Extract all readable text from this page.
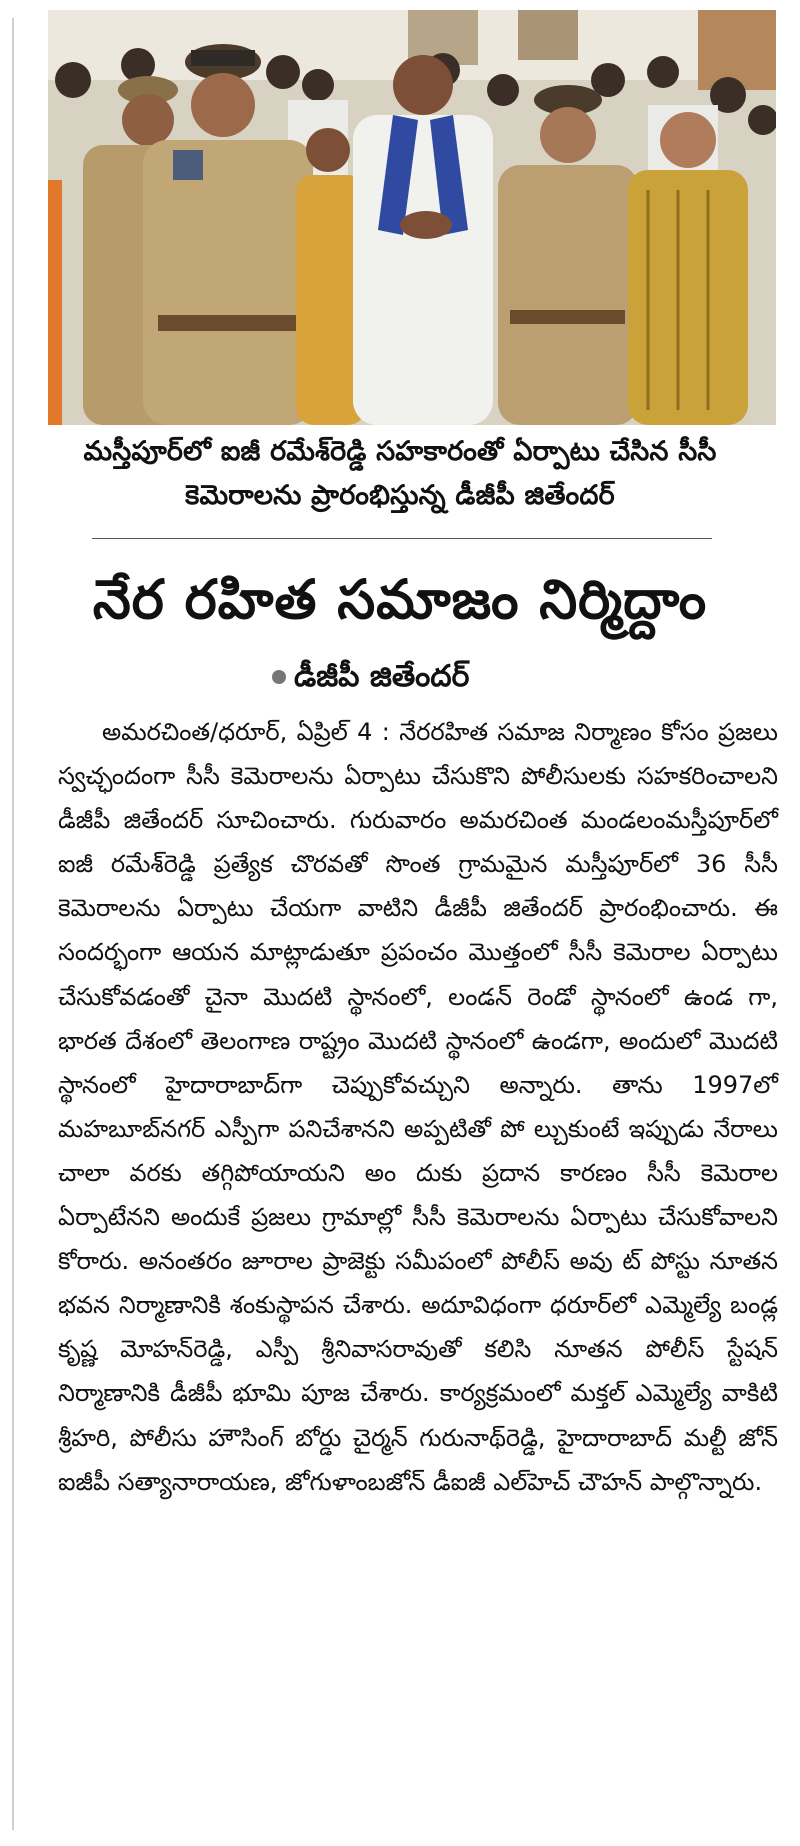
మస్తీపూర్‌లో ఐజీ రమేశ్‌రెడ్డి సహకారంతో ఏర్పాటు చేసిన సీసీ కెమెరాలను ప్రారంభిస్తున్న డీజీపీ జితేందర్
నేర రహిత సమాజం నిర్మిద్దాం
డీజీపీ జితేందర్
అమరచింత/ధరూర్, ఏప్రిల్ 4 : నేరరహిత సమాజ నిర్మాణం కోసం ప్రజలు స్వచ్ఛందంగా సీసీ కెమెరాలను ఏర్పాటు చేసుకొని పోలీసులకు సహకరించాలని డీజీపీ జితేందర్ సూచించారు. గురువారం అమరచింత మండలంమస్తీపూర్‌లో ఐజీ రమేశ్‌రెడ్డి ప్రత్యేక చొరవతో సొంత గ్రామమైన మస్తీపూర్‌లో 36 సీసీ కెమెరాలను ఏర్పాటు చేయగా వాటిని డీజీపీ జితేందర్ ప్రారంభించారు. ఈ సందర్భంగా ఆయన మాట్లాడుతూ ప్రపంచం మొత్తంలో సీసీ కెమెరాల ఏర్పాటు చేసుకోవడంతో చైనా మొదటి స్థానంలో, లండన్ రెండో స్థానంలో ఉండ గా, భారత దేశంలో తెలంగాణ రాష్ట్రం మొదటి స్థానంలో ఉండగా, అందులో మొదటి స్థానంలో హైదారాబాద్‌గా చెప్పుకోవచ్చుని అన్నారు. తాను 1997లో మహబూబ్‌నగర్ ఎస్పీగా పనిచేశానని అప్పటితో పో ల్చుకుంటే ఇప్పుడు నేరాలు చాలా వరకు తగ్గిపోయాయని అం దుకు ప్రదాన కారణం సీసీ కెమెరాల ఏర్పాటేనని అందుకే ప్రజలు గ్రామాల్లో సీసీ కెమెరాలను ఏర్పాటు చేసుకోవాలని కోరారు. అనంతరం జూరాల ప్రాజెక్టు సమీపంలో పోలీస్ అవు ట్ పోస్టు నూతన భవన నిర్మాణానికి శంకుస్థాపన చేశారు. అదూవిధంగా ధరూర్‌లో ఎమ్మెల్యే బండ్ల కృష్ణ మోహన్‌రెడ్డి, ఎస్పీ శ్రీనివాసరావుతో కలిసి నూతన పోలీస్ స్టేషన్ నిర్మాణానికి డీజీపీ భూమి పూజ చేశారు. కార్యక్రమంలో మక్తల్ ఎమ్మెల్యే వాకిటి శ్రీహరి, పోలీసు హౌసింగ్ బోర్డు చైర్మన్ గురునాథ్‌రెడ్డి, హైదారాబాద్ మల్టీ జోన్ ఐజీపీ సత్యానారాయణ, జోగుళాంబజోన్ డీఐజీ ఎల్‌హెచ్ చౌహన్ పాల్గొన్నారు.
